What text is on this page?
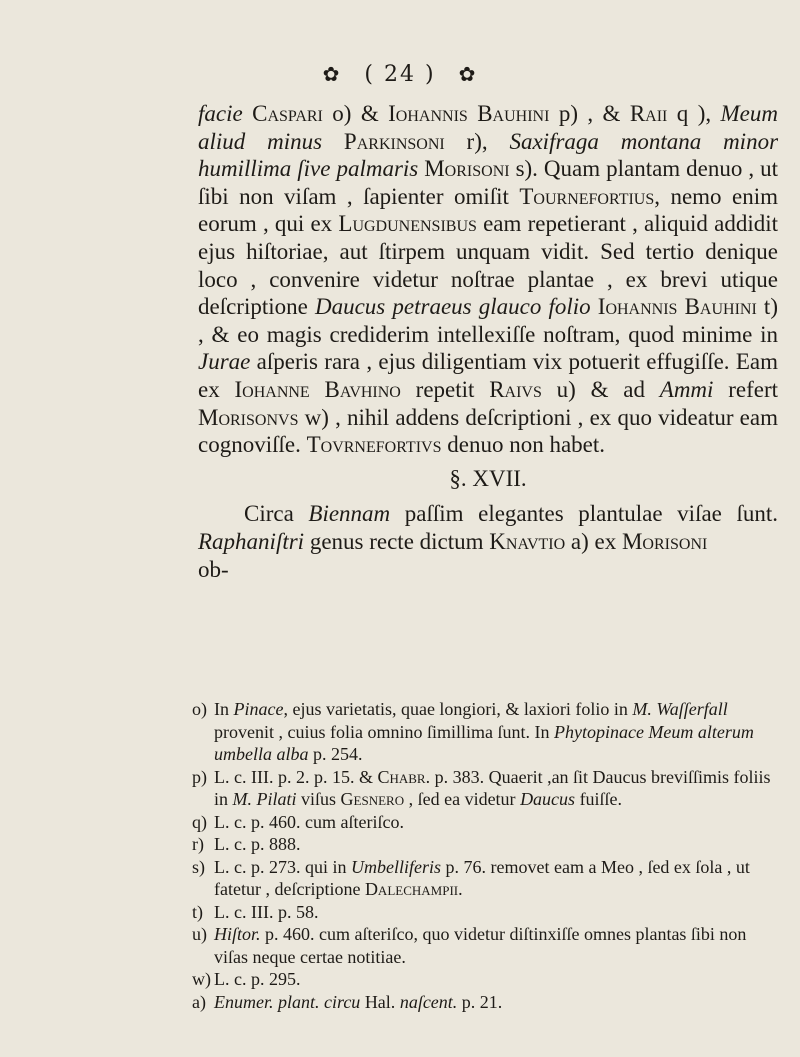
✿ ( 24 ) ✿

facie Caspari o) & Iohannis Bauhini p) , & Raii q ), Meum aliud minus Parkinsoni r), Saxifraga montana minor humillima ſive palmaris Morisoni s). Quam plantam denuo , ut ſibi non viſam , ſapienter omiſit Tournefortius, nemo enim eorum , qui ex Lugdunensibus eam repetierant , aliquid addidit ejus hiſtoriae, aut ſtirpem unquam vidit. Sed tertio denique loco , convenire videtur noſtrae plantae , ex brevi utique deſcriptione Daucus petraeus glauco folio Iohannis Bauhini t) , & eo magis crediderim intellexiſſe noſtram, quod minime in Jurae aſperis rara , ejus diligentiam vix potuerit effugiſſe. Eam ex Iohanne Bavhino repetit Raivs u) & ad Ammi refert Morisonvs w) , nihil addens deſcriptioni , ex quo videatur eam cognoviſſe. Tovrnefortivs denuo non habet.

§. XVII.

Circa Biennam paſſim elegantes plantulae viſae ſunt. Raphaniſtri genus recte dictum Knavtio a) ex Morisoni

ob-

o) In Pinace, ejus varietatis, quae longiori, & laxiori folio in M. Waſſerfall provenit , cuius folia omnino ſimillima ſunt. In Phytopinace Meum alterum umbella alba p. 254.
p) L. c. III. p. 2. p. 15. & Chabr. p. 383. Quaerit ,an ſit Daucus breviſſimis foliis in M. Pilati viſus Gesnero , ſed ea videtur Daucus fuiſſe.
q) L. c. p. 460. cum aſteriſco.
r) L. c. p. 888.
s) L. c. p. 273. qui in Umbelliferis p. 76. removet eam a Meo , ſed ex ſola , ut fatetur , deſcriptione Dalechampii.
t) L. c. III. p. 58.
u) Hiſtor. p. 460. cum aſteriſco, quo videtur diſtinxiſſe omnes plantas ſibi non viſas neque certae notitiae.
w) L. c. p. 295.
a) Enumer. plant. circu Hal. naſcent. p. 21.
